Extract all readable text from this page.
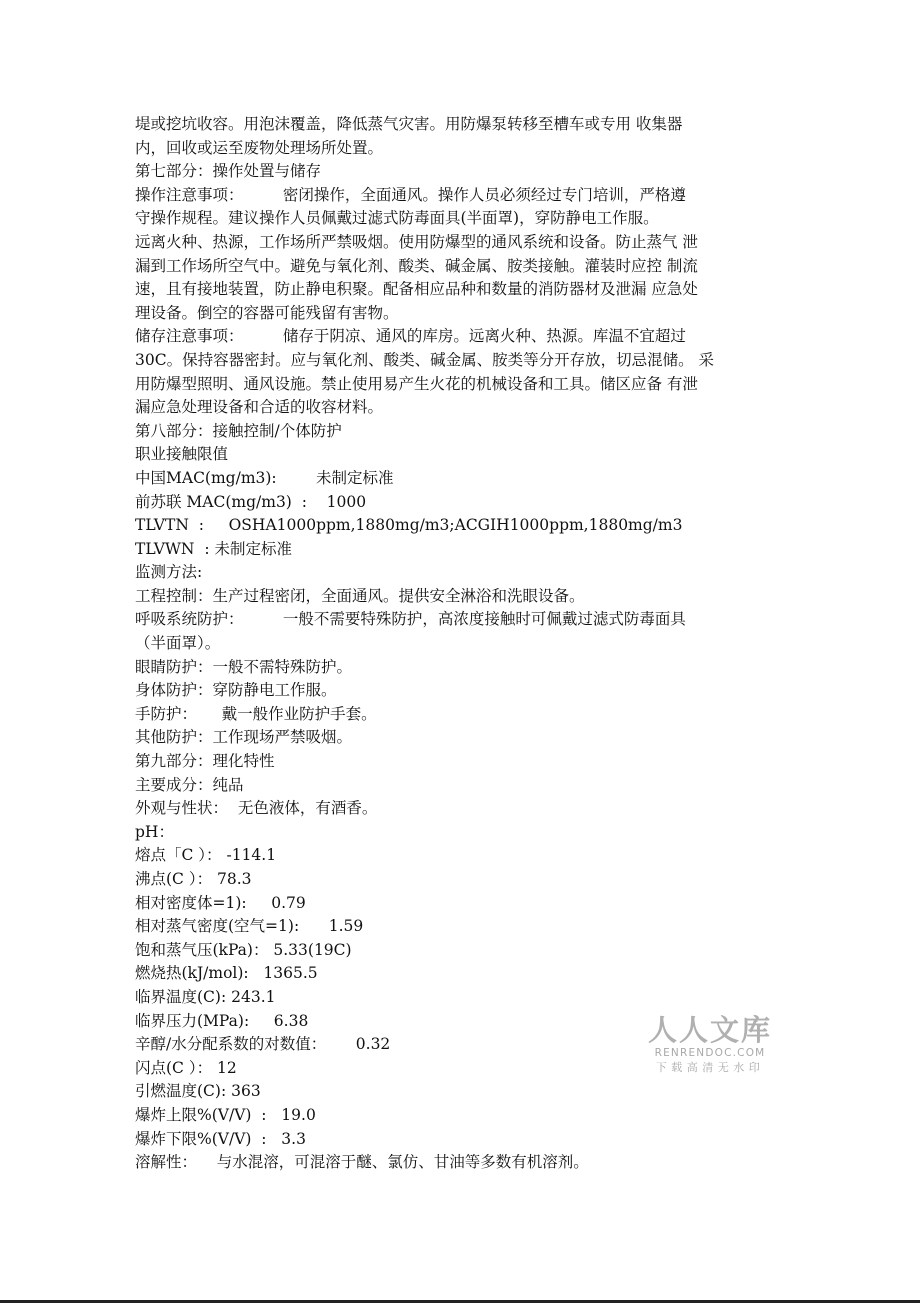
堤或挖坑收容。用泡沫覆盖，降低蒸气灾害。用防爆泵转移至槽车或专用 收集器
内，回收或运至废物处理场所处置。
第七部分：操作处置与储存
操作注意事项：        密闭操作，全面通风。操作人员必须经过专门培训，严格遵
守操作规程。建议操作人员佩戴过滤式防毒面具(半面罩)，穿防静电工作服。
远离火种、热源，工作场所严禁吸烟。使用防爆型的通风系统和设备。防止蒸气 泄
漏到工作场所空气中。避免与氧化剂、酸类、碱金属、胺类接触。灌装时应控 制流
速，且有接地装置，防止静电积聚。配备相应品种和数量的消防器材及泄漏 应急处
理设备。倒空的容器可能残留有害物。
储存注意事项：        储存于阴凉、通风的库房。远离火种、热源。库温不宜超过
30C。保持容器密封。应与氧化剂、酸类、碱金属、胺类等分开存放，切忌混储。 采
用防爆型照明、通风设施。禁止使用易产生火花的机械设备和工具。储区应备 有泄
漏应急处理设备和合适的收容材料。
第八部分：接触控制/个体防护
职业接触限值
中国MAC(mg/m3):        未制定标准
前苏联 MAC(mg/m3)  :    1000
TLVTN  :     OSHA1000ppm,1880mg/m3;ACGIH1000ppm,1880mg/m3
TLVWN  : 未制定标准
监测方法:
工程控制：生产过程密闭，全面通风。提供安全淋浴和洗眼设备。
呼吸系统防护：        一般不需要特殊防护，高浓度接触时可佩戴过滤式防毒面具
（半面罩）。
眼睛防护：一般不需特殊防护。
身体防护：穿防静电工作服。
手防护：     戴一般作业防护手套。
其他防护：工作现场严禁吸烟。
第九部分：理化特性
主要成分：纯品
外观与性状：  无色液体，有酒香。
pH：
熔点「C ）： -114.1
沸点(C ）： 78.3
相对密度体=1):     0.79
相对蒸气密度(空气=1):      1.59
饱和蒸气压(kPa)： 5.33(19C)
燃烧热(kJ/mol):   1365.5
临界温度(C): 243.1
临界压力(MPa):     6.38
辛醇/水分配系数的对数值：      0.32
闪点(C ）： 12
引燃温度(C): 363
爆炸上限%(V/V)  :   19.0
爆炸下限%(V/V)  :   3.3
溶解性：    与水混溶，可混溶于醚、氯仿、甘油等多数有机溶剂。
人人文库
RENRENDOC.COM
下载高清无水印
